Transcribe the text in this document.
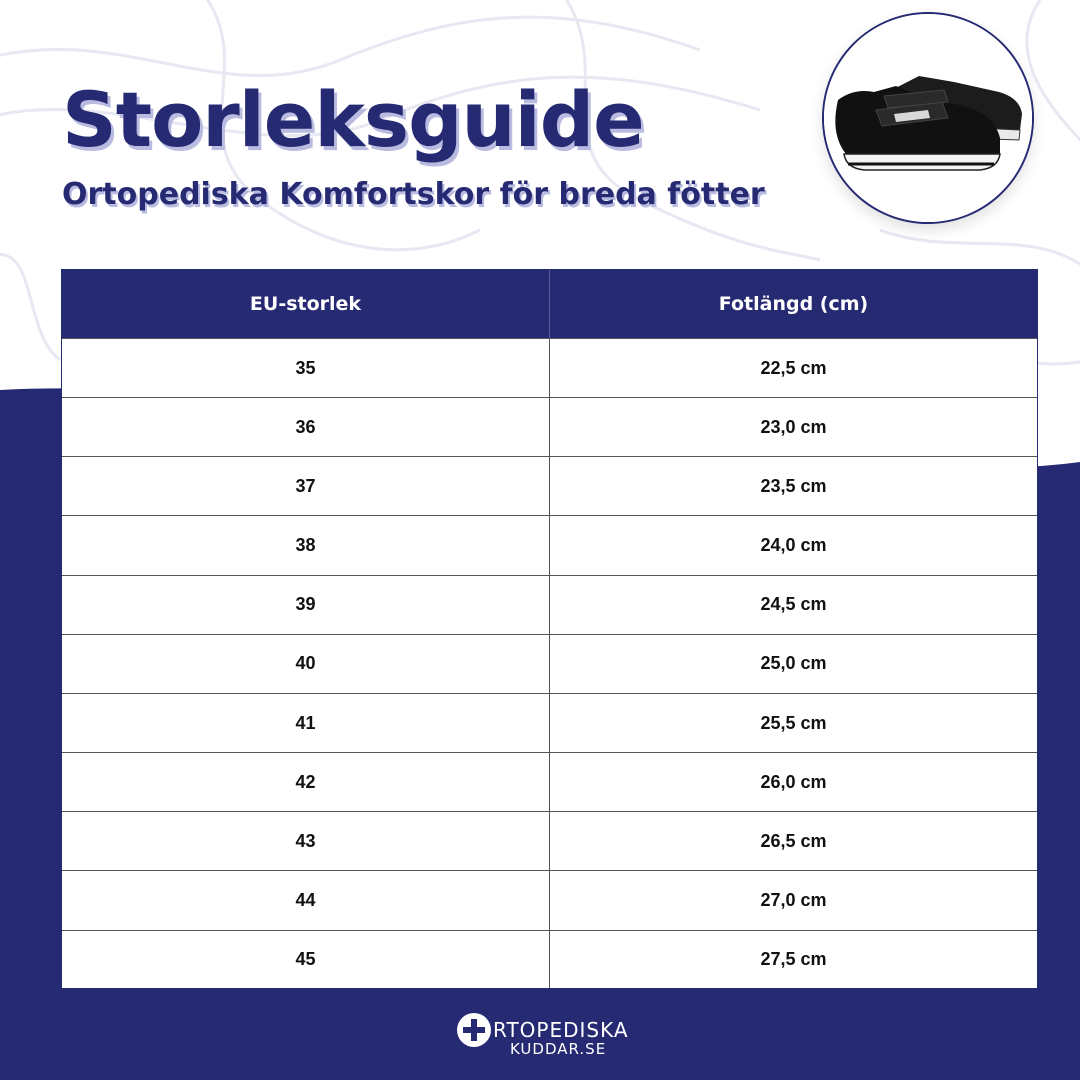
Storleksguide
Ortopediska Komfortskor för breda fötter
EU-storlek	Fotlängd (cm)
35	22,5 cm
36	23,0 cm
37	23,5 cm
38	24,0 cm
39	24,5 cm
40	25,0 cm
41	25,5 cm
42	26,0 cm
43	26,5 cm
44	27,0 cm
45	27,5 cm
RTOPEDISKA
KUDDAR.SE
